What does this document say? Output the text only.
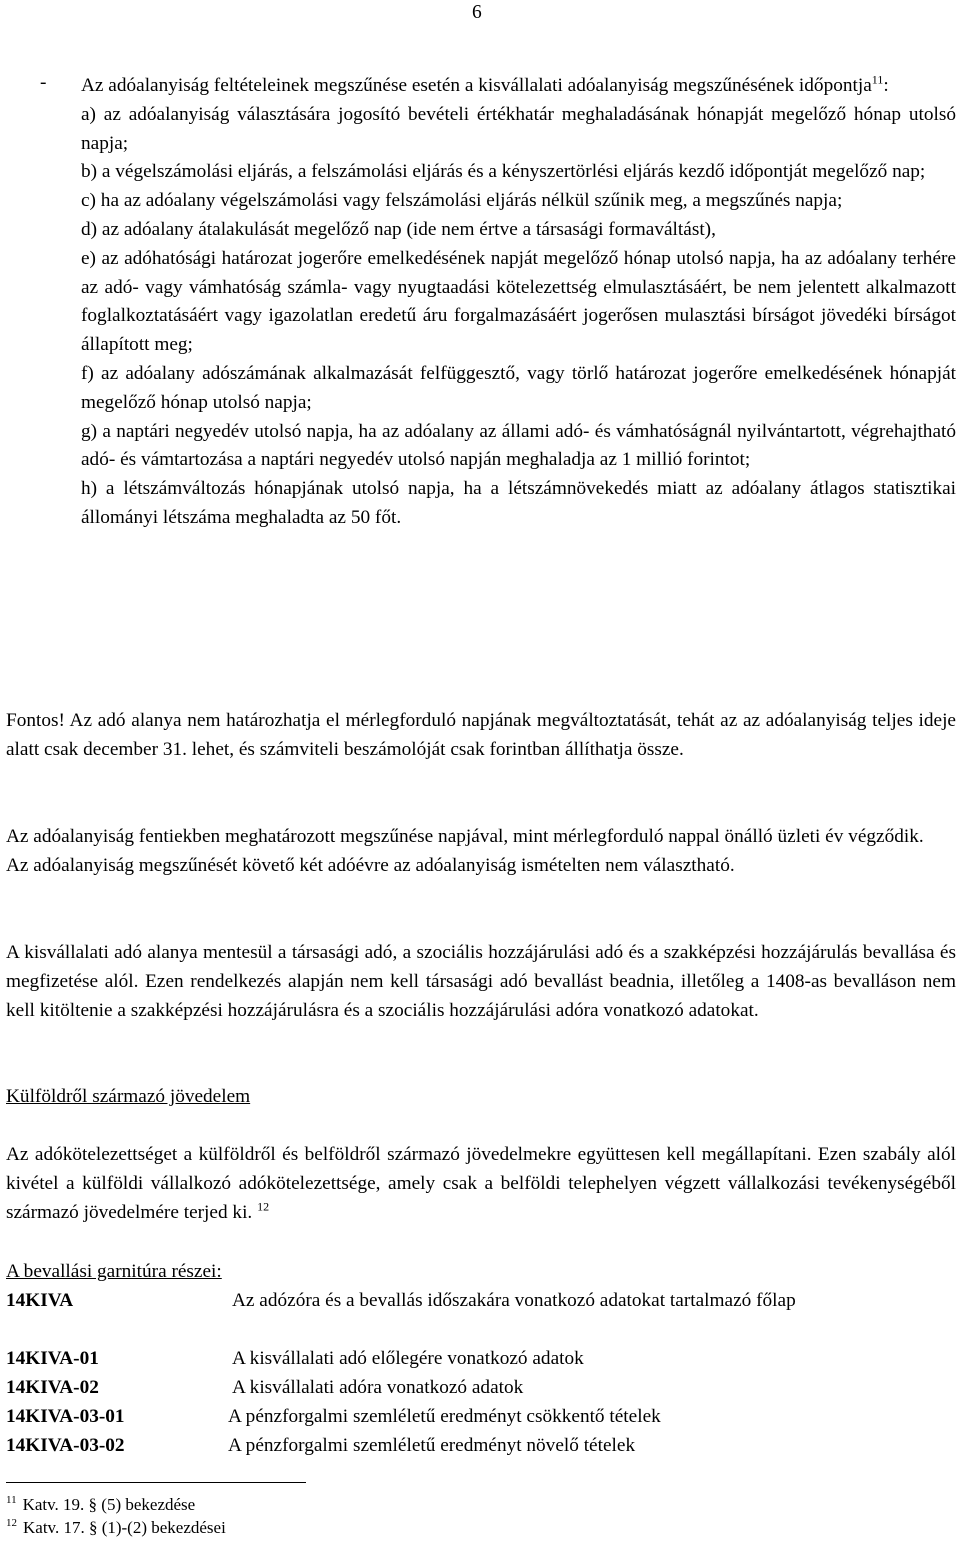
6
- Az adóalanyiság feltételeinek megszűnése esetén a kisvállalati adóalanyiság megszűnésének időpontja$^{11}$:

a) az adóalanyiság választására jogosító bevételi értékhatár meghaladásának hónapját megelőző hónap utolsó napja;

b) a végelszámolási eljárás, a felszámolási eljárás és a kényszertörlési eljárás kezdő időpontját megelőző nap;

c) ha az adóalany végelszámolási vagy felszámolási eljárás nélkül szűnik meg, a megszűnés napja;

d) az adóalany átalakulását megelőző nap (ide nem értve a társasági formaváltást),

e) az adóhatósági határozat jogerőre emelkedésének napját megelőző hónap utolsó napja, ha az adóalany terhére az adó- vagy vámhatóság számla- vagy nyugtaadási kötelezettség elmulasztásáért, be nem jelentett alkalmazott foglalkoztatásáért vagy igazolatlan eredetű áru forgalmazásáért jogerősen mulasztási bírságot jövedéki bírságot állapított meg;

f) az adóalany adószámának alkalmazását felfüggesztő, vagy törlő határozat jogerőre emelkedésének hónapját megelőző hónap utolsó napja;

g) a naptári negyedév utolsó napja, ha az adóalany az állami adó- és vámhatóságnál nyilvántartott, végrehajtható adó- és vámtartozása a naptári negyedév utolsó napján meghaladja az 1 millió forintot;

h) a létszámváltozás hónapjának utolsó napja, ha a létszámnövekedés miatt az adóalany átlagos statisztikai állományi létszáma meghaladta az 50 főt.

Fontos! Az adó alanya nem határozhatja el mérlegforduló napjának megváltoztatását, tehát az az adóalanyiság teljes ideje alatt csak december 31. lehet, és számviteli beszámolóját csak forintban állíthatja össze.

Az adóalanyiság fentiekben meghatározott megszűnése napjával, mint mérlegforduló nappal önálló üzleti év végződik.

Az adóalanyiság megszűnését követő két adóévre az adóalanyiság ismételten nem választható.

A kisvállalati adó alanya mentesül a társasági adó, a szociális hozzájárulási adó és a szakképzési hozzájárulás bevallása és megfizetése alól. Ezen rendelkezés alapján nem kell társasági adó bevallást beadnia, illetőleg a 1408-as bevalláson nem kell kitöltenie a szakképzési hozzájárulásra és a szociális hozzájárulási adóra vonatkozó adatokat.

Külföldről származó jövedelem

Az adókötelezettséget a külföldről és belföldről származó jövedelmekre együttesen kell megállapítani. Ezen szabály alól kivétel a külföldi vállalkozó adókötelezettsége, amely csak a belföldi telephelyen végzett vállalkozási tevékenységéből származó jövedelmére terjed ki. $^{12}$

A bevallási garnitúra részei:

14KIVA	Az adózóra és a bevallás időszakára vonatkozó adatokat tartalmazó főlap

14KIVA-01	A kisvállalati adó előlegére vonatkozó adatok

14KIVA-02	A kisvállalati adóra vonatkozó adatok

14KIVA-03-01	A pénzforgalmi szemléletű eredményt csökkentő tételek

14KIVA-03-02	A pénzforgalmi szemléletű eredményt növelő tételek

$^{11}$ Katv. 19. § (5) bekezdése
$^{12}$ Katv. 17. § (1)-(2) bekezdései
